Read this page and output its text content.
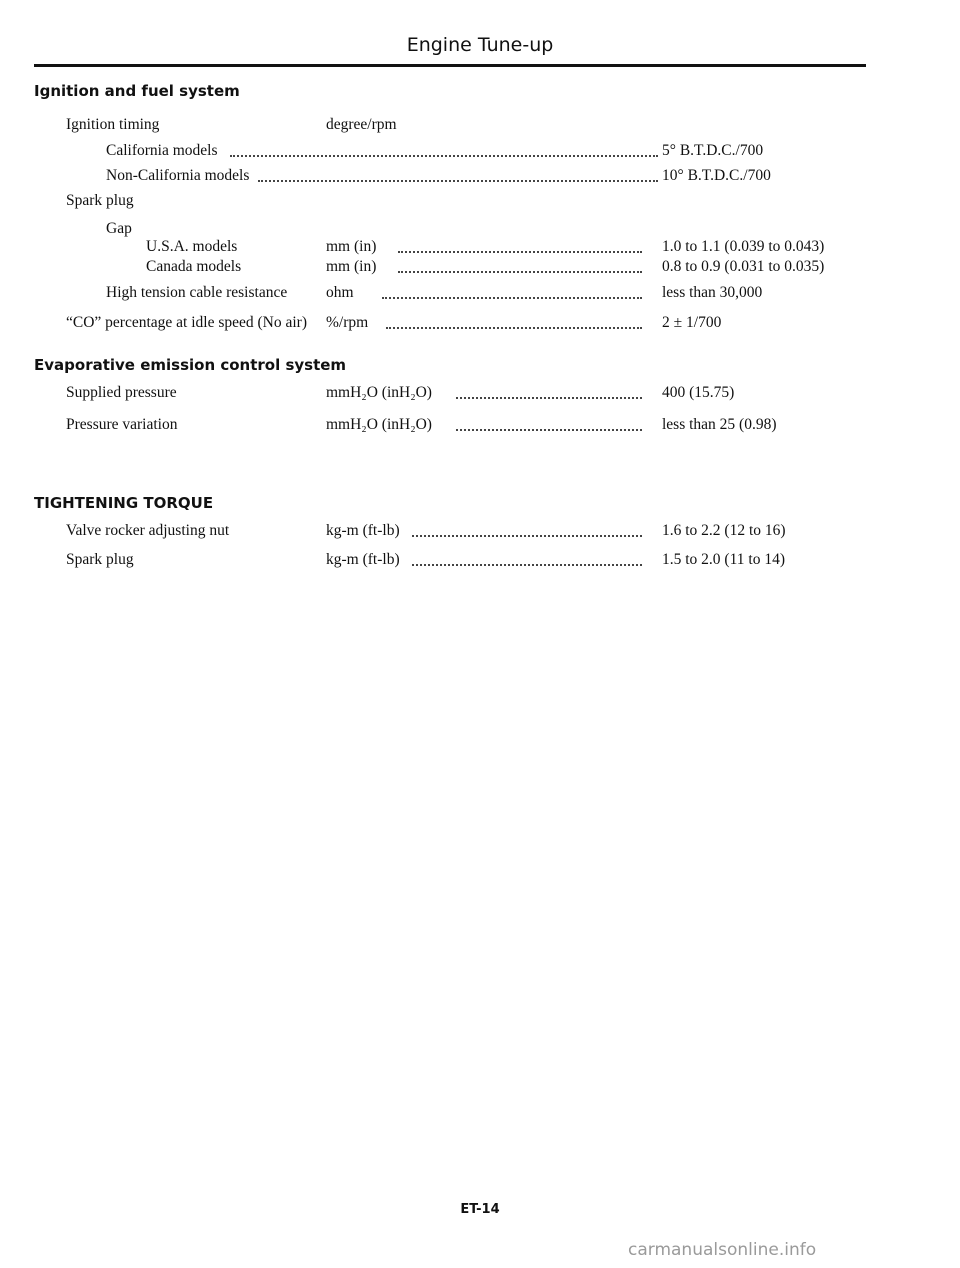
Engine Tune-up
Ignition and fuel system
Ignition timing	degree/rpm
California models	5° B.T.D.C./700
Non-California models	10° B.T.D.C./700
Spark plug
Gap
U.S.A. models	mm (in)	1.0 to 1.1 (0.039 to 0.043)
Canada models	mm (in)	0.8 to 0.9 (0.031 to 0.035)
High tension cable resistance	ohm	less than 30,000
“CO” percentage at idle speed (No air) %/rpm	2 ± 1/700
Evaporative emission control system
Supplied pressure	mmH₂O (inH₂O)	400 (15.75)
Pressure variation	mmH₂O (inH₂O)	less than 25 (0.98)
TIGHTENING TORQUE
Valve rocker adjusting nut	kg-m (ft-lb)	1.6 to 2.2 (12 to 16)
Spark plug	kg-m (ft-lb)	1.5 to 2.0 (11 to 14)
ET-14
carmanualsonline.info
